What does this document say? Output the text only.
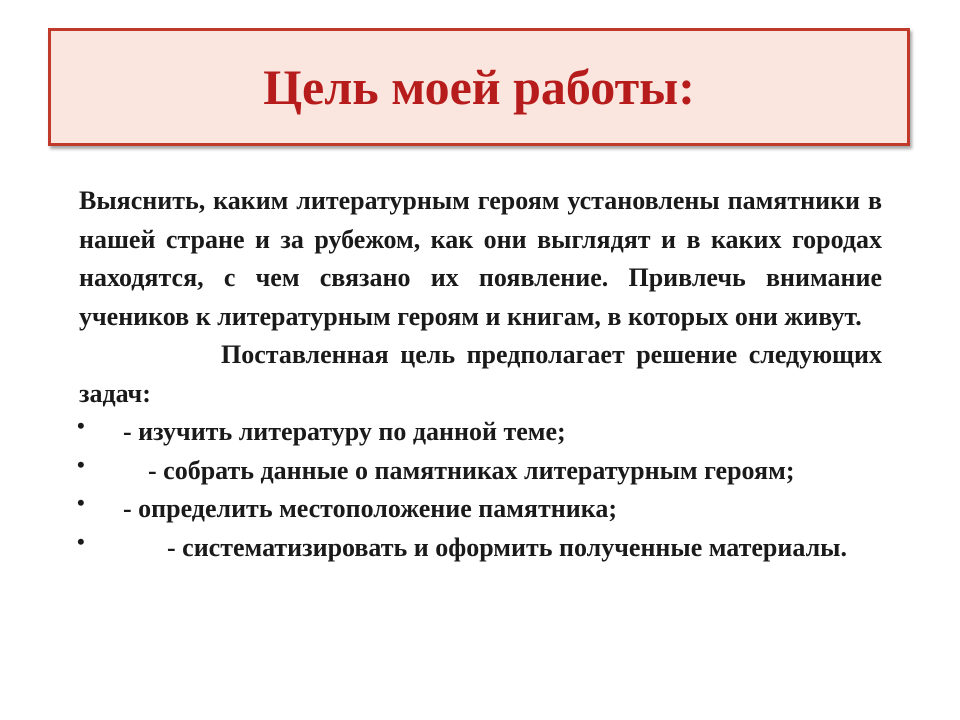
Цель моей работы:

Выяснить, каким литературным героям установлены памятники в нашей стране и за рубежом, как они выглядят и в каких городах находятся, с чем связано их появление. Привлечь внимание учеников к литературным героям и книгам, в которых они живут.

Поставленная цель предполагает решение следующих задач:

• - изучить литературу по данной теме;
• - собрать данные о памятниках литературным героям;
• - определить местоположение памятника;
•	- систематизировать и оформить полученные материалы.
